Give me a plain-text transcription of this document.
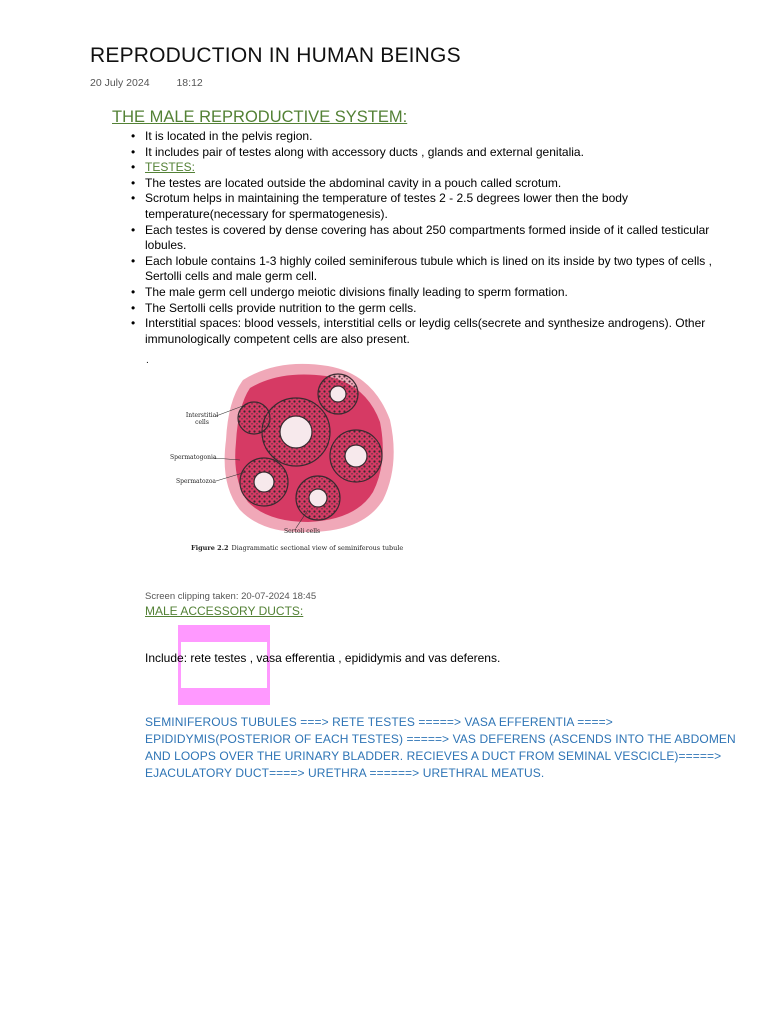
REPRODUCTION IN HUMAN BEINGS
20 July 2024	18:12
THE MALE REPRODUCTIVE SYSTEM:
• It is located in the pelvis region.
• It includes pair of testes along with accessory ducts , glands and external genitalia.
• TESTES:
• The testes are located outside the abdominal cavity in a pouch called scrotum.
• Scrotum helps in maintaining the temperature of testes 2 - 2.5 degrees lower then the body temperature(necessary for spermatogenesis).
• Each testes is covered by dense covering has about 250 compartments formed inside of it called testicular lobules.
• Each lobule contains 1-3 highly coiled seminiferous tubule which is lined on its inside by two types of cells , Sertolli cells and male germ cell.
• The male germ cell undergo meiotic divisions finally leading to sperm formation.
• The Sertolli cells provide nutrition to the germ cells.
• Interstitial spaces: blood vessels, interstitial cells or leydig cells(secrete and synthesize androgens). Other immunologically competent cells are also present.
.
Interstitial cells
Spermatogonia
Spermatozoa
Sertoli cells
Figure 2.2 Diagrammatic sectional view of seminiferous tubule
Screen clipping taken: 20-07-2024 18:45
MALE ACCESSORY DUCTS:
Include: rete testes , vasa efferentia , epididymis and vas deferens.

SEMINIFEROUS TUBULES ===> RETE TESTES =====> VASA EFFERENTIA ====> EPIDIDYMIS(POSTERIOR OF EACH TESTES) =====> VAS DEFERENS (ASCENDS INTO THE ABDOMEN AND LOOPS OVER THE URINARY BLADDER. RECIEVES A DUCT FROM SEMINAL VESCICLE)=====> EJACULATORY DUCT====> URETHRA ======> URETHRAL MEATUS.
